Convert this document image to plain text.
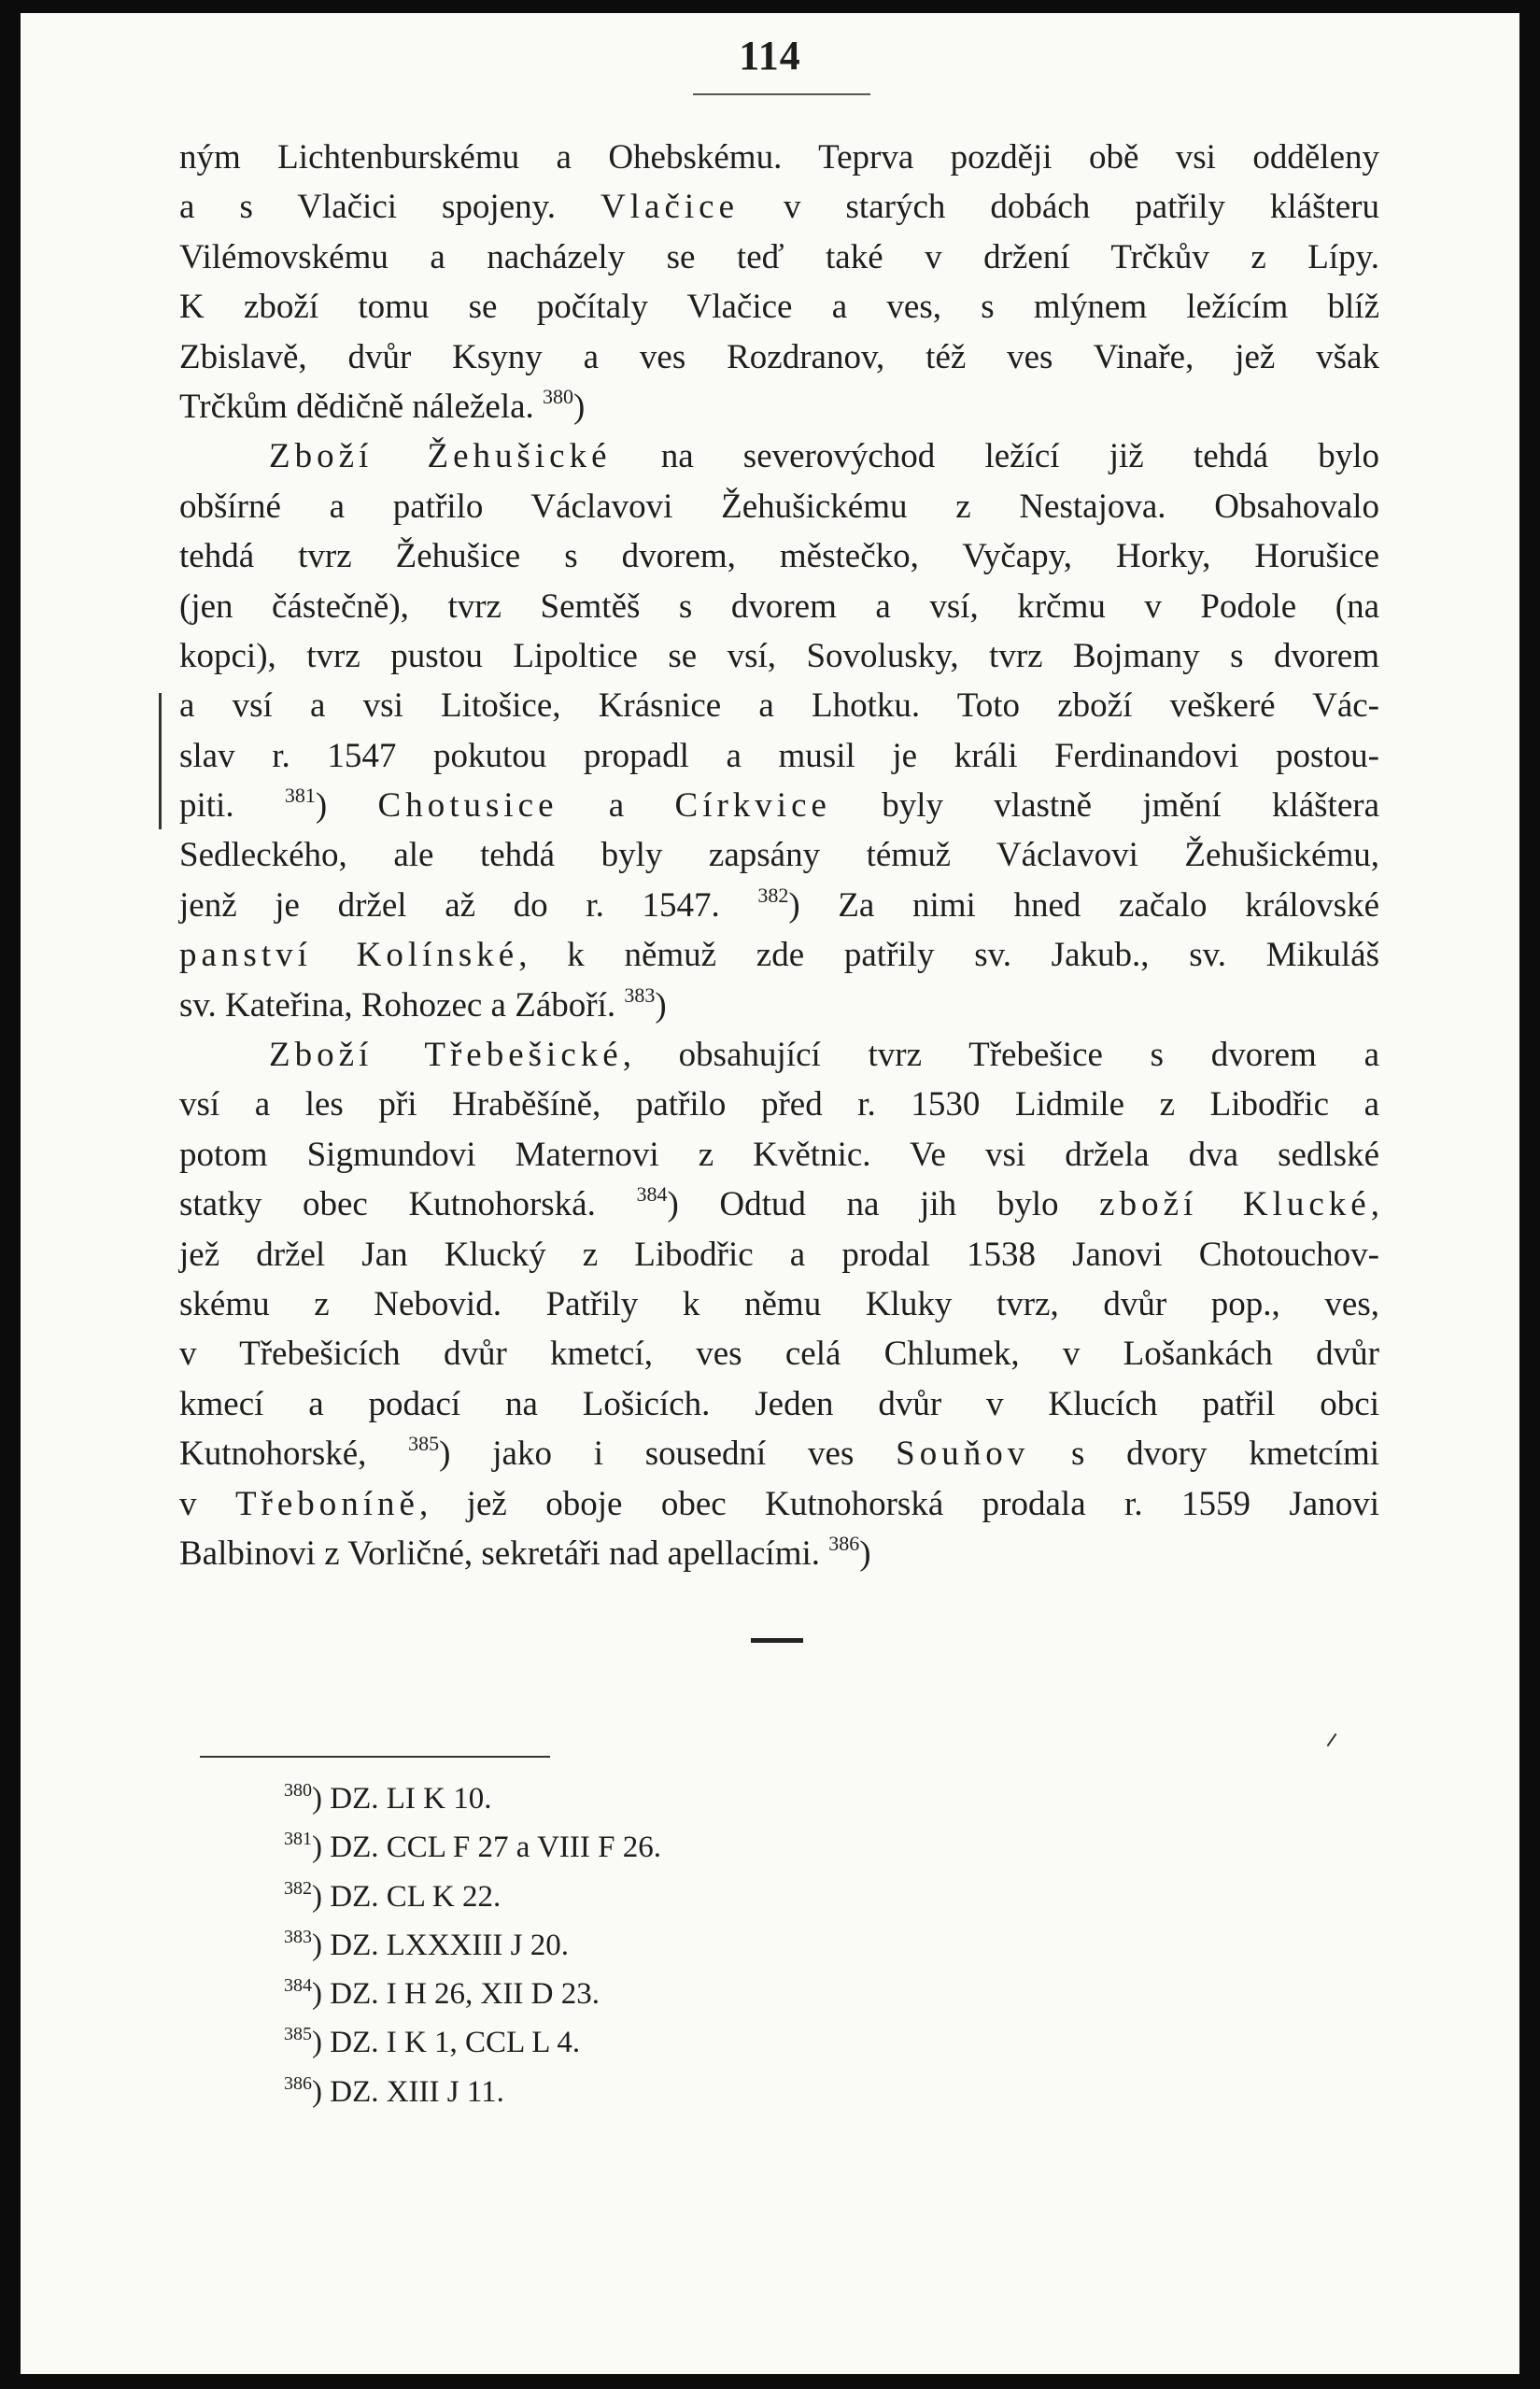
114
ným Lichtenburskému a Ohebskému. Teprva později obě vsi odděleny
a s Vlačici spojeny. Vlačice v starých dobách patřily klášteru
Vilémovskému a nacházely se teď také v držení Trčkův z Lípy.
K zboží tomu se počítaly Vlačice a ves, s mlýnem ležícím blíž
Zbislavě, dvůr Ksyny a ves Rozdranov, též ves Vinaře, jež však
Trčkům dědičně náležela. $^{380}$)
Zboží Žehušické na severovýchod ležící již tehdá bylo
obšírné a patřilo Václavovi Žehušickému z Nestajova. Obsahovalo
tehdá tvrz Žehušice s dvorem, městečko, Vyčapy, Horky, Horušice
(jen částečně), tvrz Semtěš s dvorem a vsí, krčmu v Podole (na
kopci), tvrz pustou Lipoltice se vsí, Sovolusky, tvrz Bojmany s dvorem
a vsí a vsi Litošice, Krásnice a Lhotku. Toto zboží veškeré Vác-
slav r. 1547 pokutou propadl a musil je králi Ferdinandovi postou-
piti. $^{381}$) Chotusice a Církvice byly vlastně jmění kláštera
Sedleckého, ale tehdá byly zapsány témuž Václavovi Žehušickému,
jenž je držel až do r. 1547. $^{382}$) Za nimi hned začalo královské
panství Kolínské, k němuž zde patřily sv. Jakub., sv. Mikuláš
sv. Kateřina, Rohozec a Záboří. $^{383}$)
Zboží Třebešické, obsahující tvrz Třebešice s dvorem a
vsí a les při Hraběšíně, patřilo před r. 1530 Lidmile z Libodřic a
potom Sigmundovi Maternovi z Květnic. Ve vsi držela dva sedlské
statky obec Kutnohorská. $^{384}$) Odtud na jih bylo zboží Klucké,
jež držel Jan Klucký z Libodřic a prodal 1538 Janovi Chotouchov-
skému z Nebovid. Patřily k němu Kluky tvrz, dvůr pop., ves,
v Třebešicích dvůr kmetcí, ves celá Chlumek, v Lošankách dvůr
kmecí a podací na Lošicích. Jeden dvůr v Klucích patřil obci
Kutnohorské, $^{385}$) jako i sousední ves Souňov s dvory kmetcími
v Třeboníně, jež oboje obec Kutnohorská prodala r. 1559 Janovi
Balbinovi z Vorličné, sekretáři nad apellacími. $^{386}$)
$^{380}$) DZ. LI K 10.
$^{381}$) DZ. CCL F 27 a VIII F 26.
$^{382}$) DZ. CL K 22.
$^{383}$) DZ. LXXXIII J 20.
$^{384}$) DZ. I H 26, XII D 23.
$^{385}$) DZ. I K 1, CCL L 4.
$^{386}$) DZ. XIII J 11.
